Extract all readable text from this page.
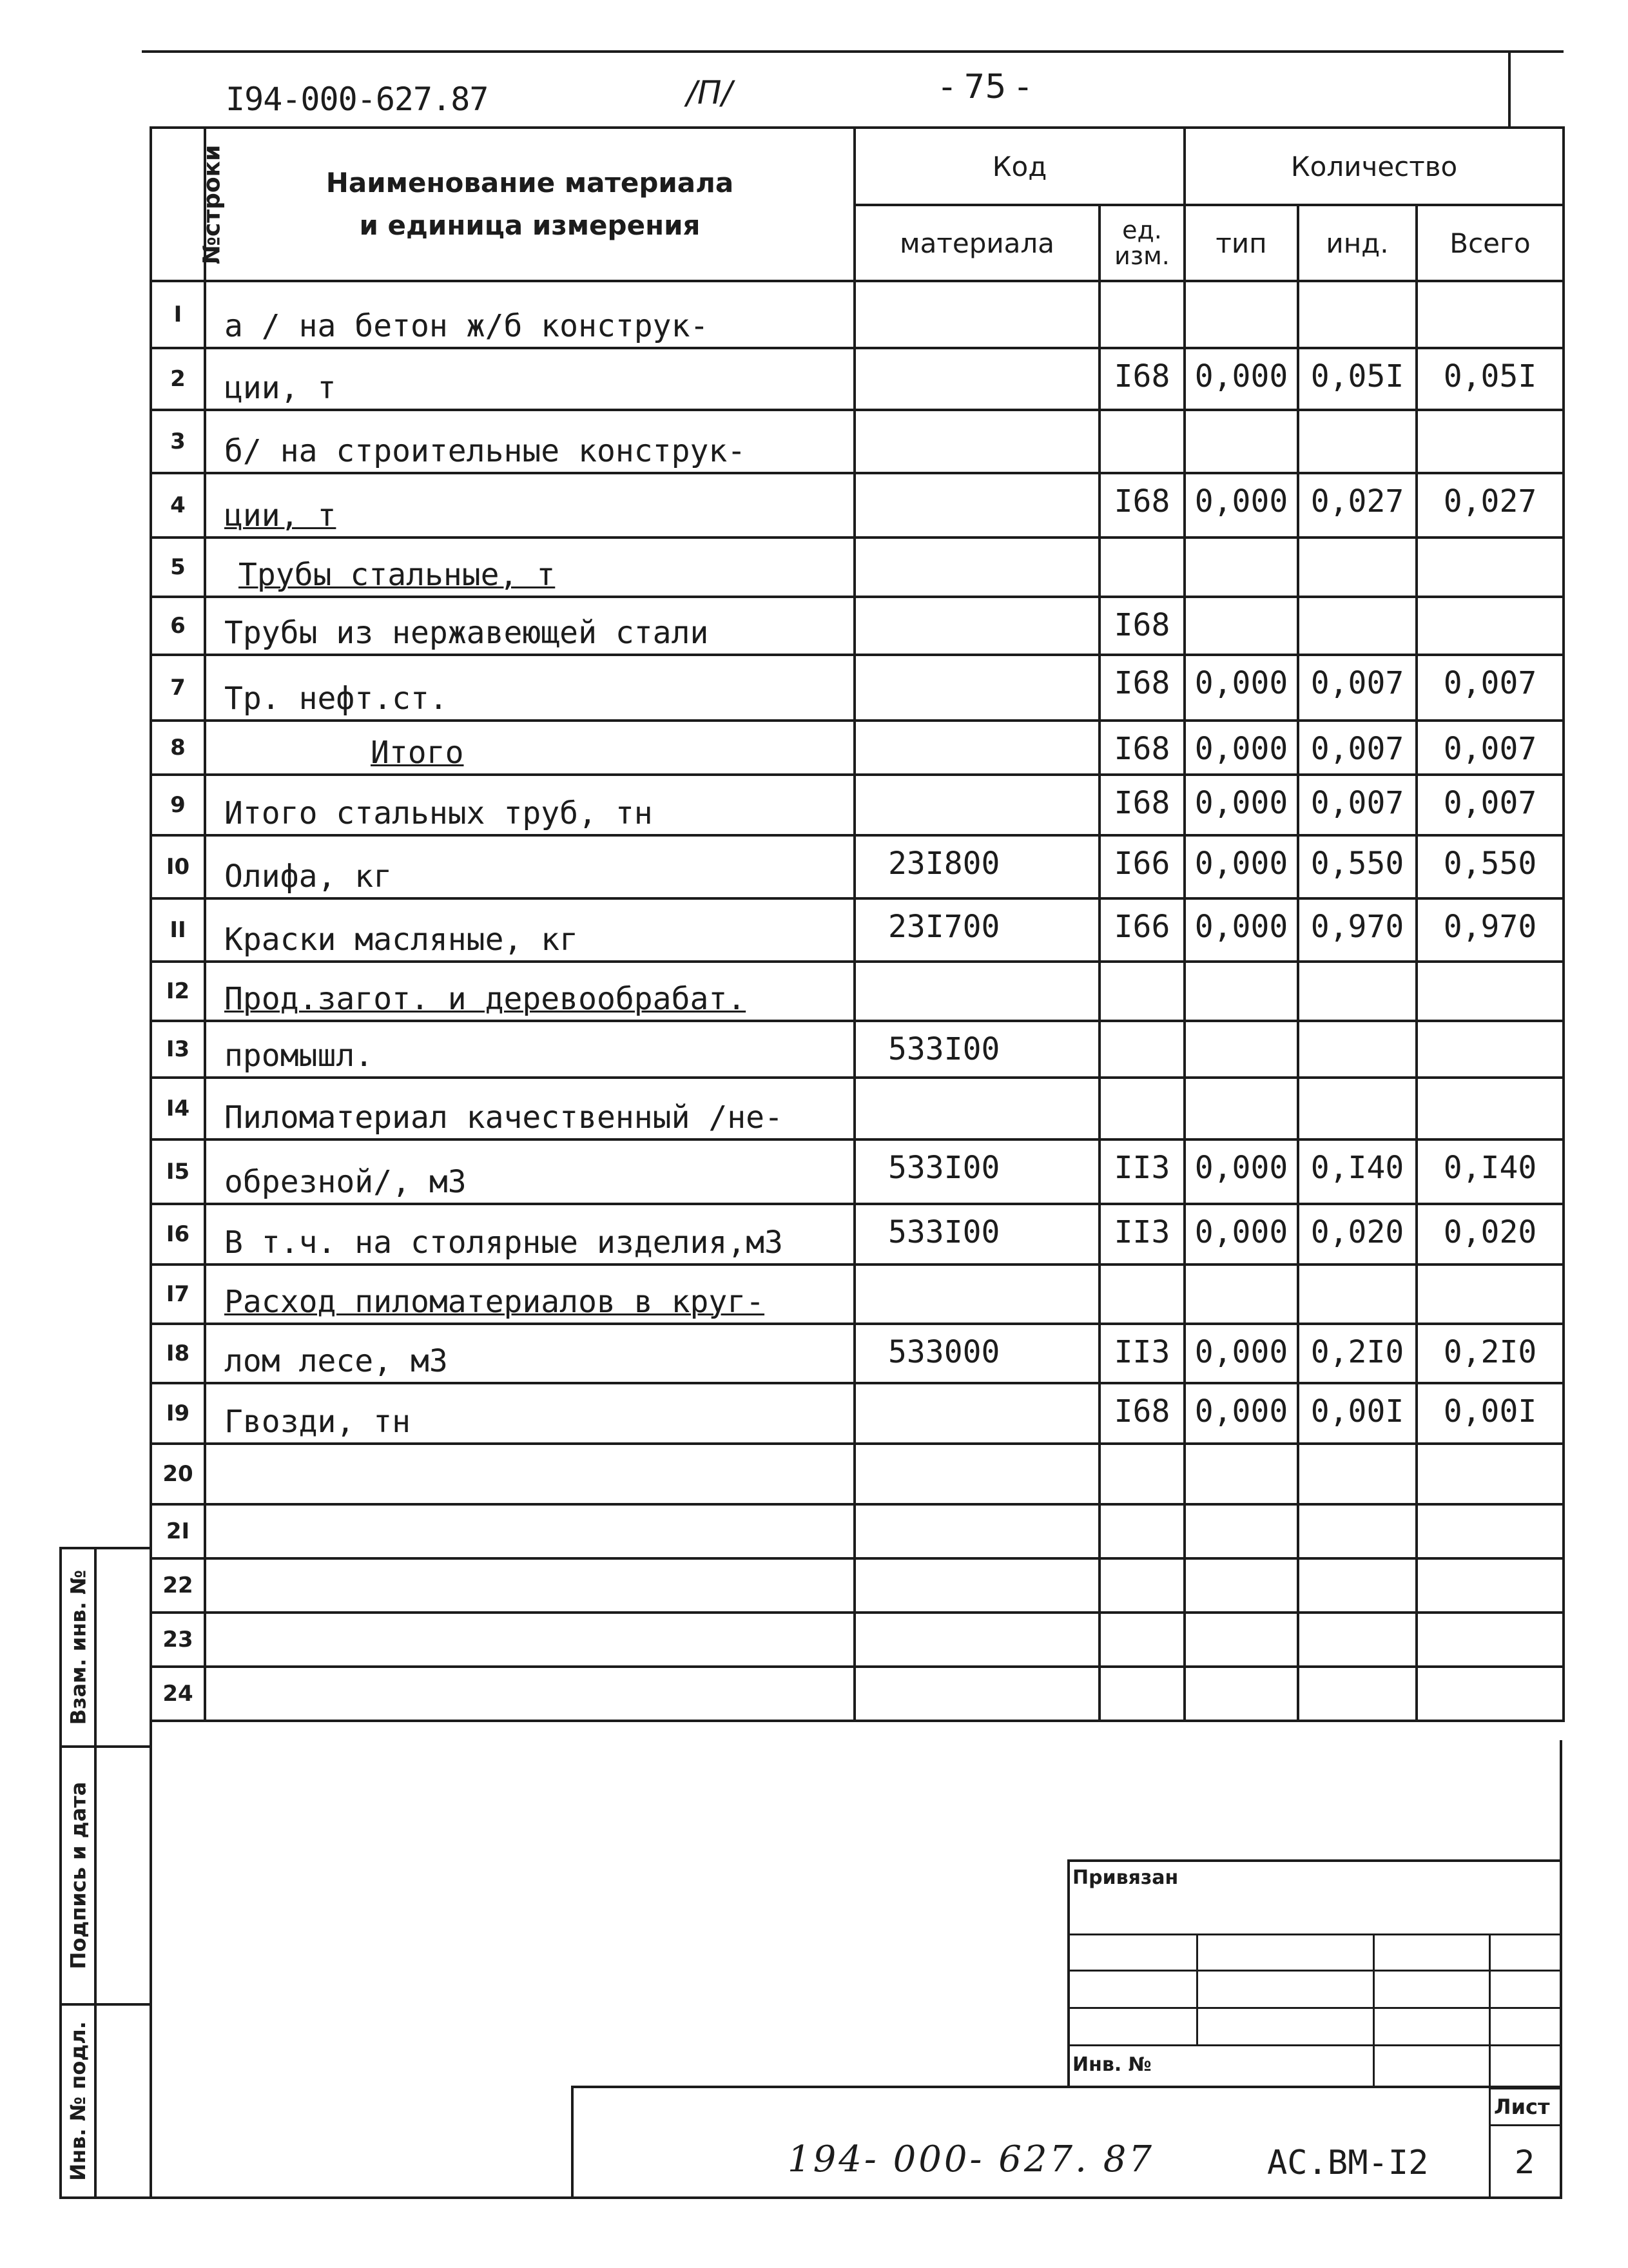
I94-000-627.87	/П/	- 75 -
№строки	Наименование материала
и единица измерения	Код		Количество		
		материала	ед.
изм.	тип	инд.	Всего
I	а / на бетон ж/б конструк-					
2	ции, т		I68	0,000	0,05I	0,05I
3	б/ на строительные конструк-					
4	ции, т		I68	0,000	0,027	0,027
5	Трубы стальные, т					
6	Трубы из нержавеющей стали		I68			
7	Тр. нефт.ст.		I68	0,000	0,007	0,007
8	Итого		I68	0,000	0,007	0,007
9	Итого стальных труб, тн		I68	0,000	0,007	0,007
I0	Олифа, кг	23I800	I66	0,000	0,550	0,550
II	Краски масляные, кг	23I700	I66	0,000	0,970	0,970
I2	Прод.загот. и деревообрабат.					
I3	промышл.	533I00				
I4	Пиломатериал качественный /не-					
I5	обрезной/, м3	533I00	II3	0,000	0,I40	0,I40
I6	В т.ч. на столярные изделия,м3	533I00	II3	0,000	0,020	0,020
I7	Расход пиломатериалов в круг-					
I8	лом лесе, м3	533000	II3	0,000	0,2I0	0,2I0
I9	Гвозди, тн		I68	0,000	0,00I	0,00I
20						
2I						
22						
23						
24						
Взам. инв. №
Подпись и дата
Инв. № подл.
Привязан
Инв. №
Лист
194- 000- 627. 87	АС.ВМ-I2	2
